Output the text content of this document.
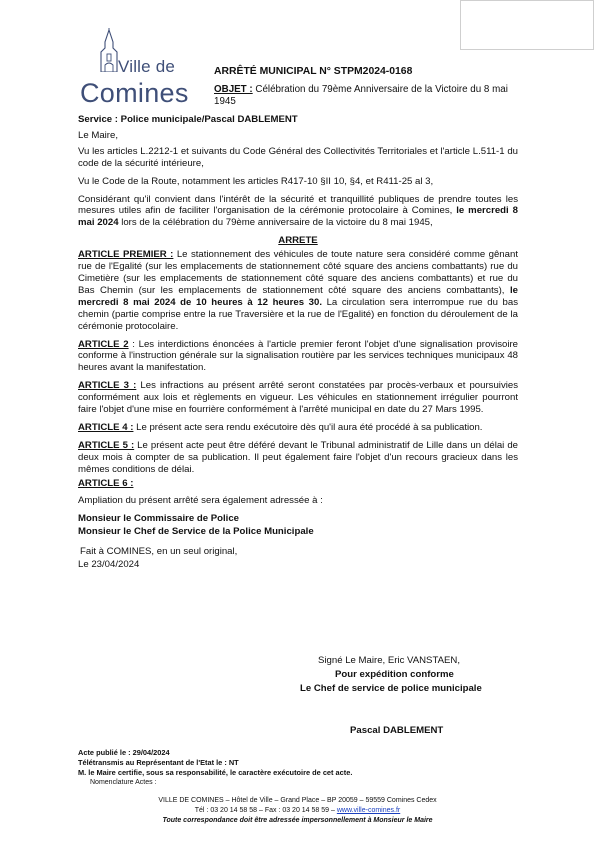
Ville de
Comines
ARRÊTÉ MUNICIPAL N° STPM2024-0168
OBJET : Célébration du 79ème Anniversaire de la Victoire du 8 mai 1945

Service : Police municipale/Pascal DABLEMENT

Le Maire,

Vu les articles L.2212-1 et suivants du Code Général des Collectivités Territoriales et l'article L.511-1 du code de la sécurité intérieure,

Vu le Code de la Route, notamment les articles R417-10 §II 10, §4, et R411-25 al 3,

Considérant qu'il convient dans l'intérêt de la sécurité et tranquillité publiques de prendre toutes les mesures utiles afin de faciliter l'organisation de la cérémonie protocolaire à Comines, le mercredi 8 mai 2024 lors de la célébration du 79ème anniversaire de la victoire du 8 mai 1945,

ARRETE

ARTICLE PREMIER : Le stationnement des véhicules de toute nature sera considéré comme gênant rue de l'Egalité (sur les emplacements de stationnement côté square des anciens combattants) rue du Cimetière (sur les emplacements de stationnement côté square des anciens combattants) et rue du Bas Chemin (sur les emplacements de stationnement côté square des anciens combattants), le mercredi 8 mai 2024 de 10 heures à 12 heures 30. La circulation sera interrompue rue du bas chemin (partie comprise entre la rue Traversière et la rue de l'Egalité) en fonction du déroulement de la cérémonie protocolaire.

ARTICLE 2 : Les interdictions énoncées à l'article premier feront l'objet d'une signalisation provisoire conforme à l'instruction générale sur la signalisation routière par les services techniques municipaux 48 heures avant la manifestation.

ARTICLE 3 : Les infractions au présent arrêté seront constatées par procès-verbaux et poursuivies conformément aux lois et règlements en vigueur. Les véhicules en stationnement irrégulier pourront faire l'objet d'une mise en fourrière conformément à l'arrêté municipal en date du 27 Mars 1995.

ARTICLE 4 : Le présent acte sera rendu exécutoire dès qu'il aura été procédé à sa publication.

ARTICLE 5 : Le présent acte peut être déféré devant le Tribunal administratif de Lille dans un délai de deux mois à compter de sa publication. Il peut également faire l'objet d'un recours gracieux dans les mêmes conditions de délai.

ARTICLE 6 :

Ampliation du présent arrêté sera également adressée à :

Monsieur le Commissaire de Police

Monsieur le Chef de Service de la Police Municipale

Fait à COMINES, en un seul original,

Le 23/04/2024

Signé Le Maire, Eric VANSTAEN,
Pour expédition conforme
Le Chef de service de police municipale
Pascal DABLEMENT
Acte publié le : 29/04/2024
Télétransmis au Représentant de l'Etat le : NT
M. le Maire certifie, sous sa responsabilité, le caractère exécutoire de cet acte.
Nomenclature Actes :
VILLE DE COMINES – Hôtel de Ville – Grand Place – BP 20059 – 59559 Comines Cedex
Tél : 03 20 14 58 58 – Fax : 03 20 14 58 59 – www.ville-comines.fr
Toute correspondance doit être adressée impersonnellement à Monsieur le Maire
